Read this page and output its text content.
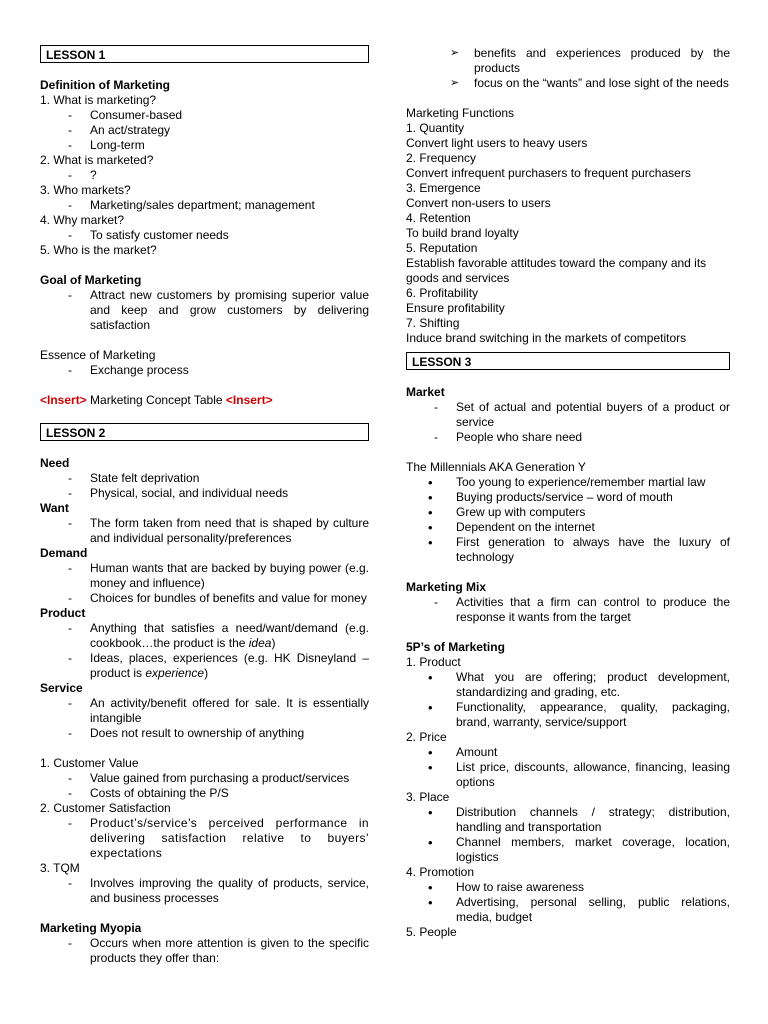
LESSON 1
Definition of Marketing
1. What is marketing?
- Consumer-based
- An act/strategy
- Long-term
2. What is marketed?
- ?
3. Who markets?
- Marketing/sales department; management
4. Why market?
- To satisfy customer needs
5. Who is the market?
Goal of Marketing
- Attract new customers by promising superior value and keep and grow customers by delivering satisfaction
Essence of Marketing
- Exchange process
<Insert> Marketing Concept Table <Insert>
LESSON 2
Need
- State felt deprivation
- Physical, social, and individual needs
Want
- The form taken from need that is shaped by culture and individual personality/preferences
Demand
- Human wants that are backed by buying power (e.g. money and influence)
- Choices for bundles of benefits and value for money
Product
- Anything that satisfies a need/want/demand (e.g. cookbook…the product is the idea)
- Ideas, places, experiences (e.g. HK Disneyland – product is experience)
Service
- An activity/benefit offered for sale. It is essentially intangible
- Does not result to ownership of anything
1. Customer Value
- Value gained from purchasing a product/services
- Costs of obtaining the P/S
2. Customer Satisfaction
- Product’s/service’s perceived performance in delivering satisfaction relative to buyers’ expectations
3. TQM
- Involves improving the quality of products, service, and business processes
Marketing Myopia
- Occurs when more attention is given to the specific products they offer than:
➢ benefits and experiences produced by the products
➢ focus on the “wants” and lose sight of the needs
Marketing Functions
1. Quantity
Convert light users to heavy users
2. Frequency
Convert infrequent purchasers to frequent purchasers
3. Emergence
Convert non-users to users
4. Retention
To build brand loyalty
5. Reputation
Establish favorable attitudes toward the company and its goods and services
6. Profitability
Ensure profitability
7. Shifting
Induce brand switching in the markets of competitors
LESSON 3
Market
- Set of actual and potential buyers of a product or service
- People who share need
The Millennials AKA Generation Y
• Too young to experience/remember martial law
• Buying products/service – word of mouth
• Grew up with computers
• Dependent on the internet
• First generation to always have the luxury of technology
Marketing Mix
- Activities that a firm can control to produce the response it wants from the target
5P’s of Marketing
1. Product
• What you are offering; product development, standardizing and grading, etc.
• Functionality, appearance, quality, packaging, brand, warranty, service/support
2. Price
• Amount
• List price, discounts, allowance, financing, leasing options
3. Place
• Distribution channels / strategy; distribution, handling and transportation
• Channel members, market coverage, location, logistics
4. Promotion
• How to raise awareness
• Advertising, personal selling, public relations, media, budget
5. People
